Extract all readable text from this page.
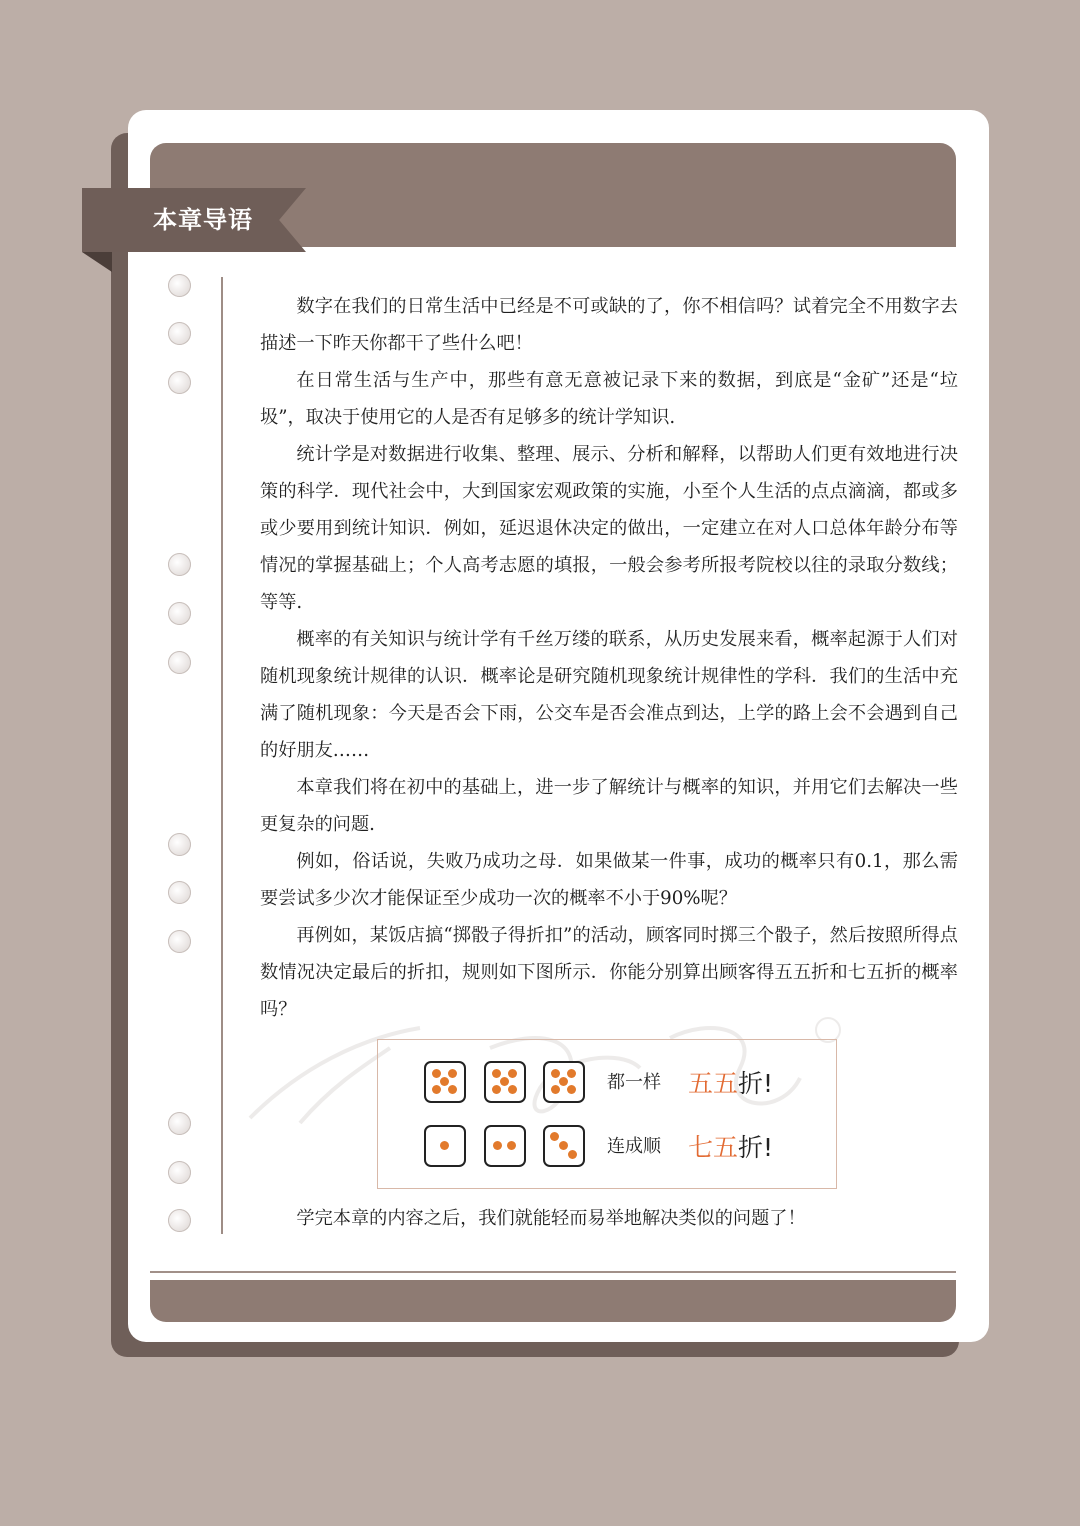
本章导语

数字在我们的日常生活中已经是不可或缺的了，你不相信吗？试着完全不用数字去描述一下昨天你都干了些什么吧！

在日常生活与生产中，那些有意无意被记录下来的数据，到底是“金矿”还是“垃圾”，取决于使用它的人是否有足够多的统计学知识.

统计学是对数据进行收集、整理、展示、分析和解释，以帮助人们更有效地进行决策的科学．现代社会中，大到国家宏观政策的实施，小至个人生活的点点滴滴，都或多或少要用到统计知识．例如，延迟退休决定的做出，一定建立在对人口总体年龄分布等情况的掌握基础上；个人高考志愿的填报，一般会参考所报考院校以往的录取分数线；等等.

概率的有关知识与统计学有千丝万缕的联系，从历史发展来看，概率起源于人们对随机现象统计规律的认识．概率论是研究随机现象统计规律性的学科．我们的生活中充满了随机现象：今天是否会下雨，公交车是否会准点到达，上学的路上会不会遇到自己的好朋友……

本章我们将在初中的基础上，进一步了解统计与概率的知识，并用它们去解决一些更复杂的问题.

例如，俗话说，失败乃成功之母．如果做某一件事，成功的概率只有0.1，那么需要尝试多少次才能保证至少成功一次的概率不小于90%呢？

再例如，某饭店搞“掷骰子得折扣”的活动，顾客同时掷三个骰子，然后按照所得点数情况决定最后的折扣，规则如下图所示．你能分别算出顾客得五五折和七五折的概率吗？

都一样 五五折!
连成顺 七五折!

学完本章的内容之后，我们就能轻而易举地解决类似的问题了！
